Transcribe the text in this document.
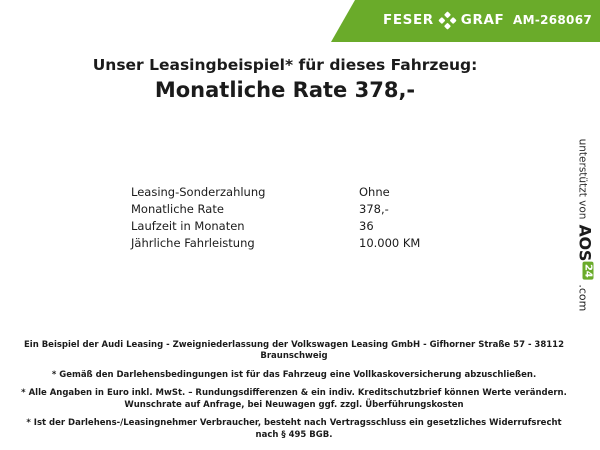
FESER GRAF AM-268067
Unser Leasingbeispiel* für dieses Fahrzeug:
Monatliche Rate 378,-
Leasing-Sonderzahlung	Ohne
Monatliche Rate	378,-
Laufzeit in Monaten	36
Jährliche Fahrleistung	10.000 KM
unterstützt von
AOS24
.com

Ein Beispiel der Audi Leasing - Zweigniederlassung der Volkswagen Leasing GmbH - Gifhorner Straße 57 - 38112 Braunschweig

* Gemäß den Darlehensbedingungen ist für das Fahrzeug eine Vollkaskoversicherung abzuschließen.

* Alle Angaben in Euro inkl. MwSt. – Rundungsdifferenzen & ein indiv. Kreditschutzbrief können Werte verändern. Wunschrate auf Anfrage, bei Neuwagen ggf. zzgl. Überführungskosten

* Ist der Darlehens-/Leasingnehmer Verbraucher, besteht nach Vertragsschluss ein gesetzliches Widerrufsrecht nach § 495 BGB.
